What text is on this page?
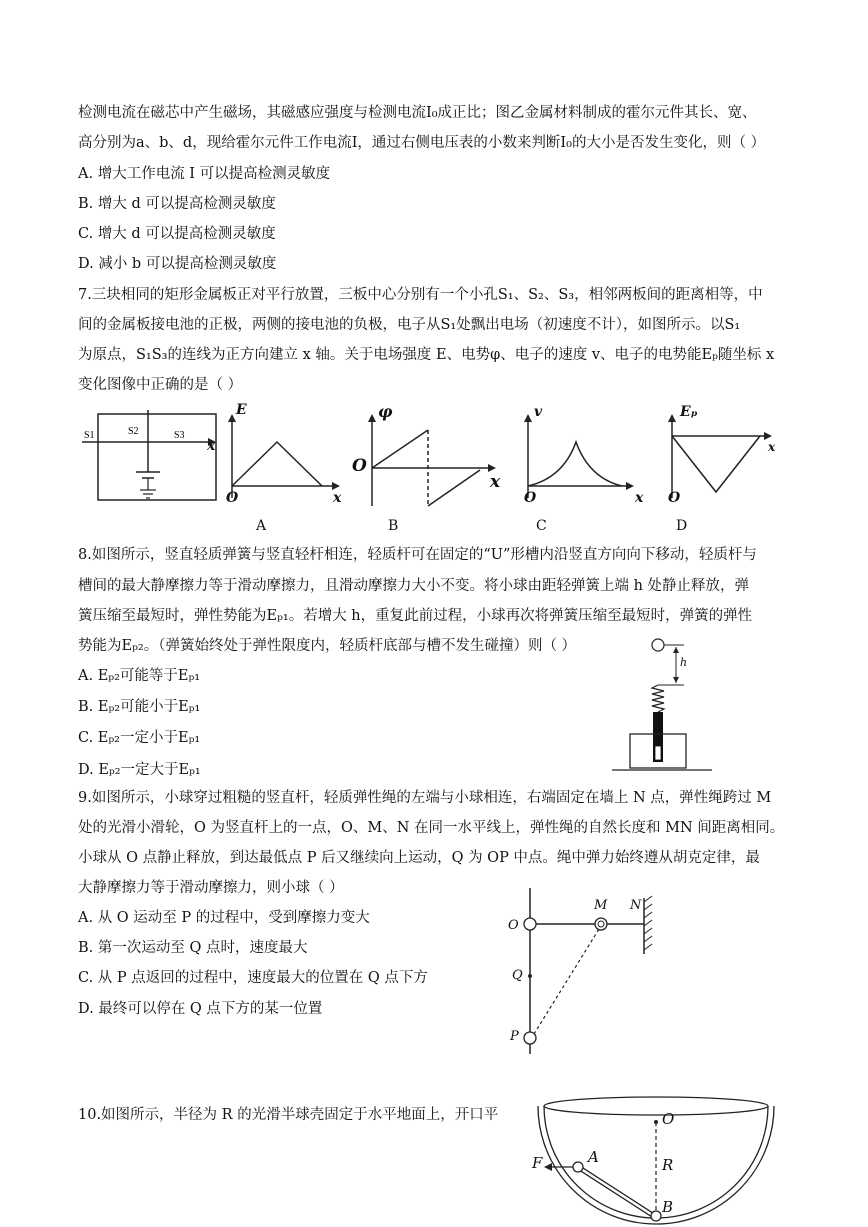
检测电流在磁芯中产生磁场，其磁感应强度与检测电流I₀成正比；图乙金属材料制成的霍尔元件其长、宽、
高分别为a、b、d，现给霍尔元件工作电流I，通过右侧电压表的小数来判断I₀的大小是否发生变化，则（ ）
A. 增大工作电流 I 可以提高检测灵敏度
B. 增大 d 可以提高检测灵敏度
C. 增大 d 可以提高检测灵敏度
D. 减小 b 可以提高检测灵敏度
7.三块相同的矩形金属板正对平行放置，三板中心分别有一个小孔S₁、S₂、S₃，相邻两板间的距离相等，中
间的金属板接电池的正极，两侧的接电池的负极，电子从S₁处飘出电场（初速度不计），如图所示。以S₁
为原点，S₁S₃的连线为正方向建立 x 轴。关于电场强度 E、电势φ、电子的速度 v、电子的电势能Eₚ随坐标 x
变化图像中正确的是（ ）
S1	S2	S3
x
E
O	x
φ
O
x
v
O	x
Eₚ
O
x
A	B	C	D
8.如图所示，竖直轻质弹簧与竖直轻杆相连，轻质杆可在固定的“U”形槽内沿竖直方向向下移动，轻质杆与
槽间的最大静摩擦力等于滑动摩擦力，且滑动摩擦力大小不变。将小球由距轻弹簧上端 h 处静止释放，弹
簧压缩至最短时，弹性势能为Eₚ₁。若增大 h，重复此前过程，小球再次将弹簧压缩至最短时，弹簧的弹性
势能为Eₚ₂。（弹簧始终处于弹性限度内，轻质杆底部与槽不发生碰撞）则（ ）
A. Eₚ₂可能等于Eₚ₁
B. Eₚ₂可能小于Eₚ₁
C. Eₚ₂一定小于Eₚ₁
D. Eₚ₂一定大于Eₚ₁
h
9.如图所示，小球穿过粗糙的竖直杆，轻质弹性绳的左端与小球相连，右端固定在墙上 N 点，弹性绳跨过 M
处的光滑小滑轮，O 为竖直杆上的一点，O、M、N 在同一水平线上，弹性绳的自然长度和 MN 间距离相同。
小球从 O 点静止释放，到达最低点 P 后又继续向上运动，Q 为 OP 中点。绳中弹力始终遵从胡克定律，最
大静摩擦力等于滑动摩擦力，则小球（ ）
A. 从 O 运动至 P 的过程中，受到摩擦力变大
B. 第一次运动至 Q 点时，速度最大
C. 从 P 点返回的过程中，速度最大的位置在 Q 点下方
D. 最终可以停在 Q 点下方的某一位置
O
M N
Q
P
10.如图所示，半径为 R 的光滑半球壳固定于水平地面上，开口平	O
F	A	R
B
